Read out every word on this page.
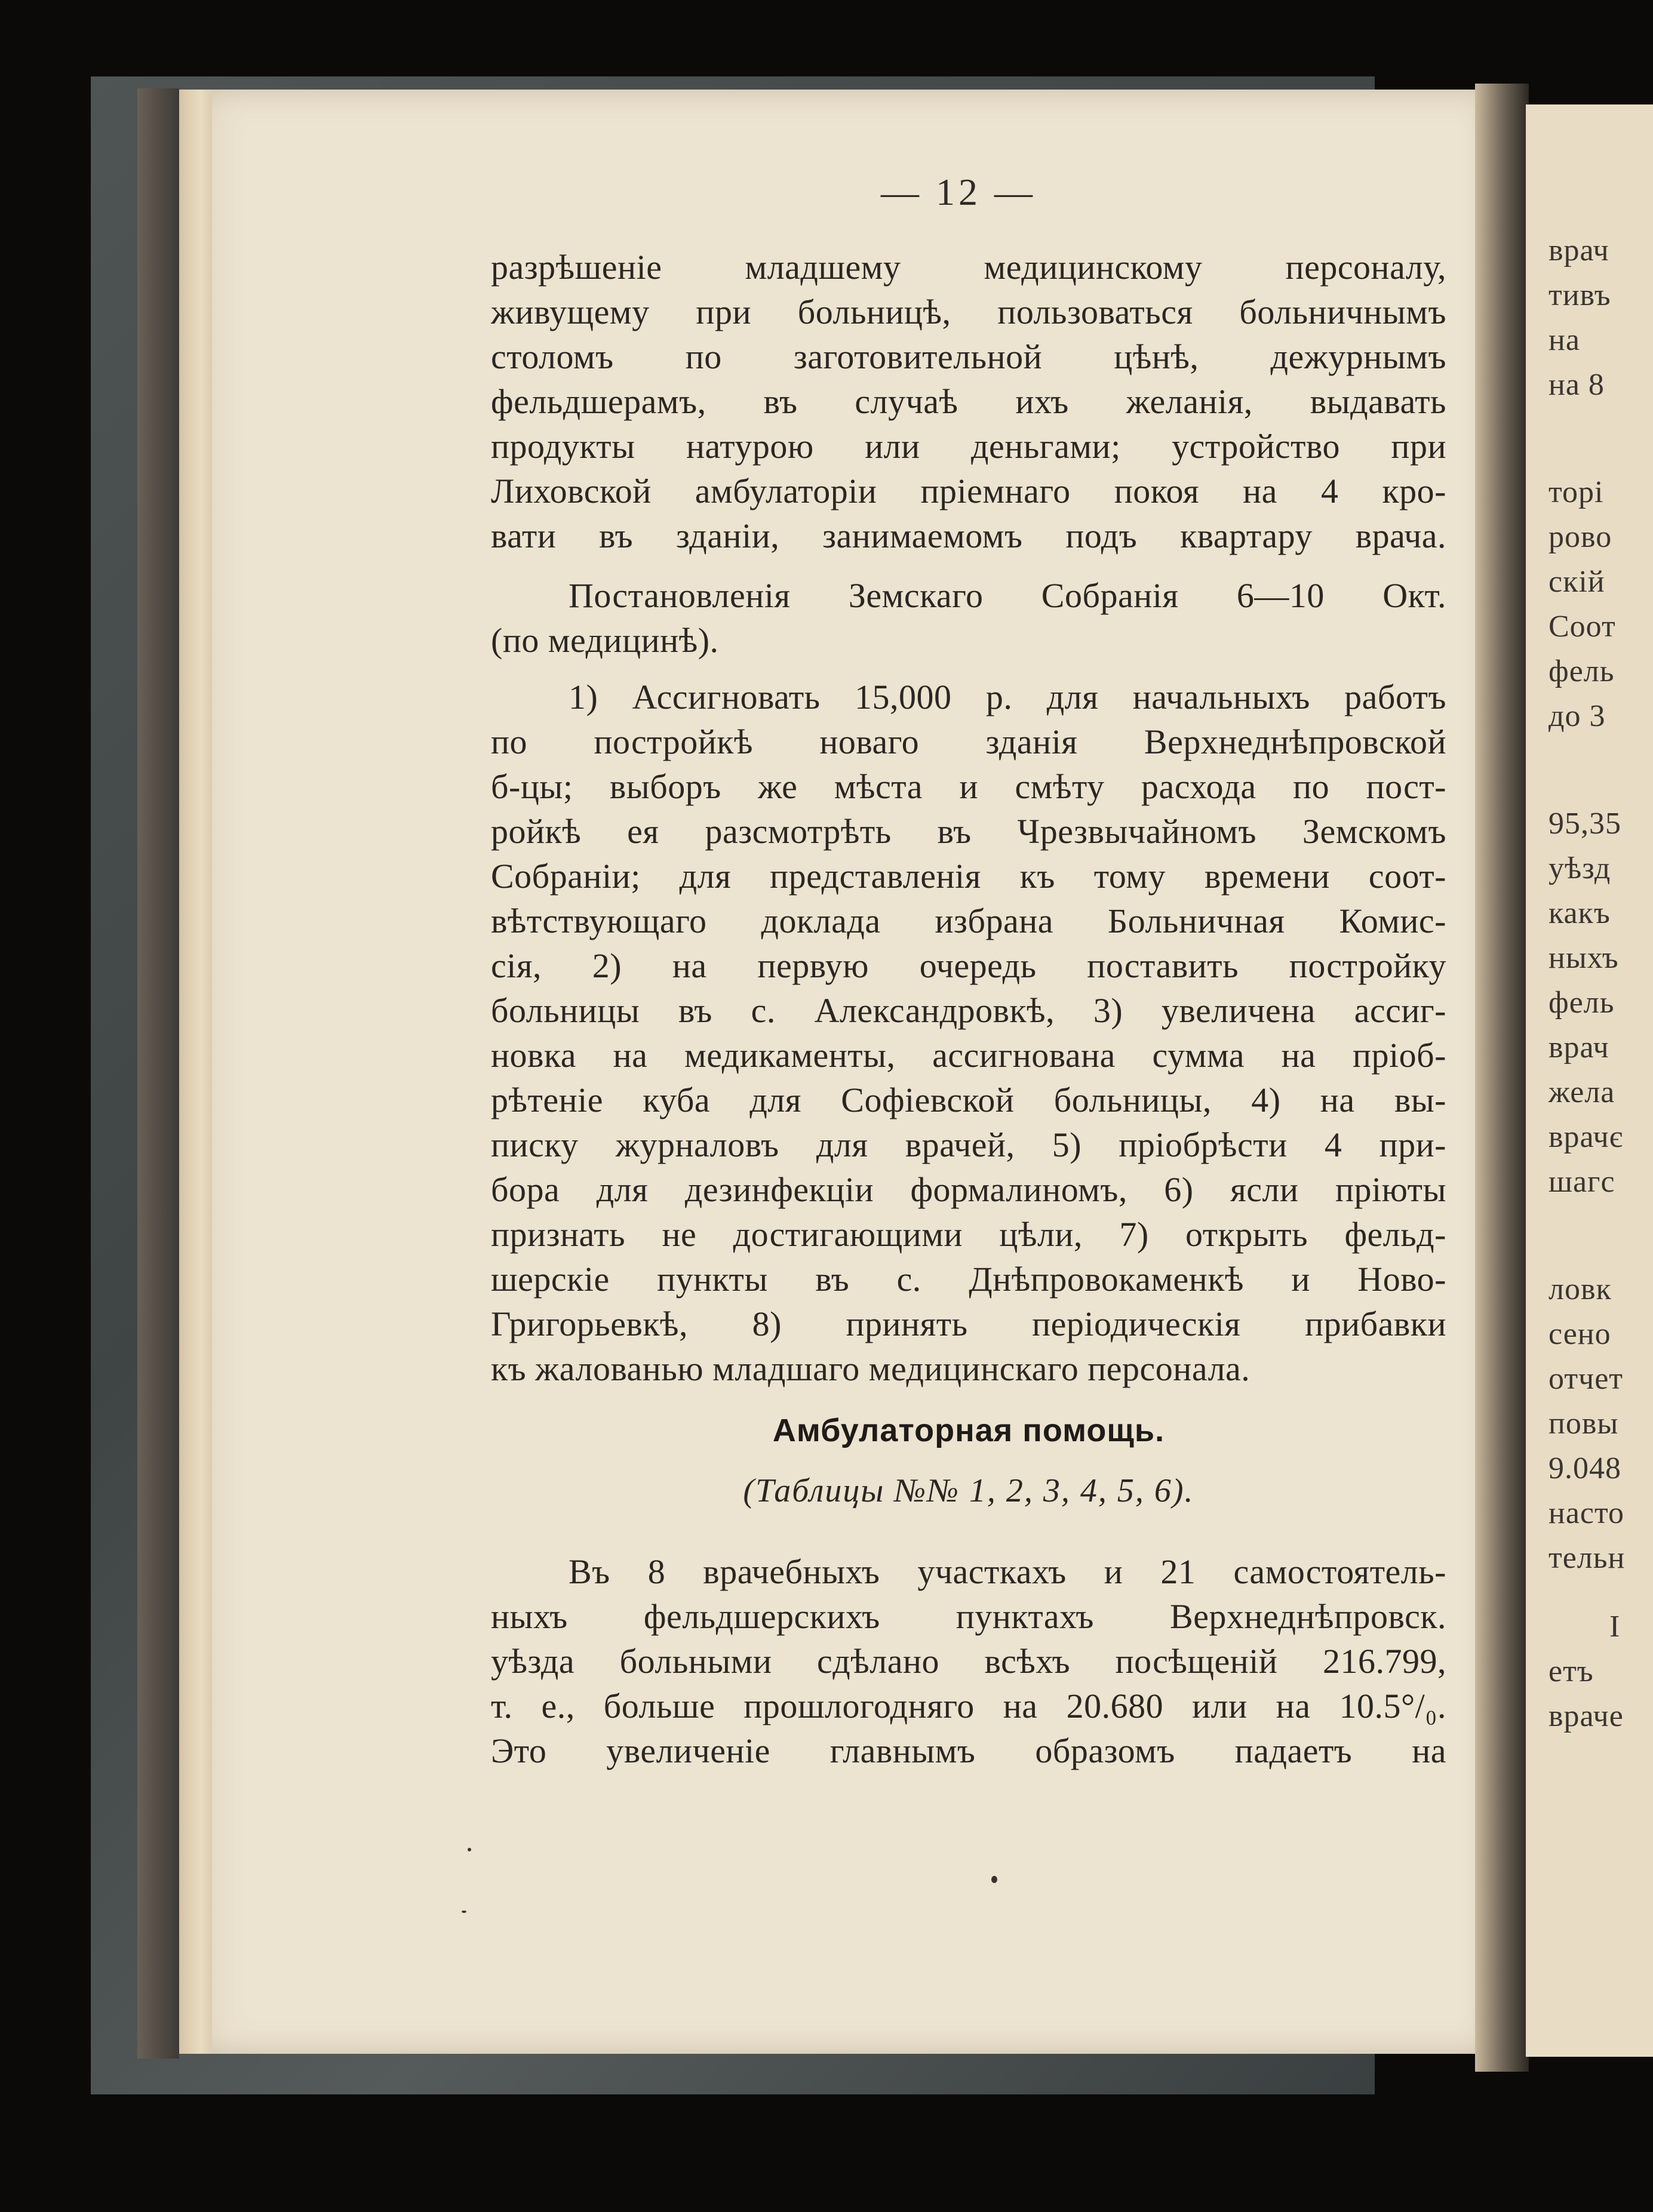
врач
тивъ
на
на 8
торі
рово
скій
Соот
фель
до 3
95,35
уѣзд
какъ
ныхъ
фель
врач
жела
врачє
шагс
ловк
сено
отчет
повы
9.048
насто
тельн
І
етъ
враче
— 12 —
разрѣшеніе младшему медицинскому персоналу,
живущему при больницѣ, пользоваться больничнымъ
столомъ по заготовительной цѣнѣ, дежурнымъ
фельдшерамъ, въ случаѣ ихъ желанія, выдавать
продукты натурою или деньгами; устройство при
Лиховской амбулаторіи пріемнаго покоя на 4 кро-
вати въ зданіи, занимаемомъ подъ квартару врача.
Постановленія Земскаго Собранія 6—10 Окт.
(по медицинѣ).
1) Ассигновать 15,000 р. для начальныхъ работъ
по постройкѣ новаго зданія Верхнеднѣпровской
б-цы; выборъ же мѣста и смѣту расхода по пост-
ройкѣ ея разсмотрѣть въ Чрезвычайномъ Земскомъ
Собраніи; для представленія къ тому времени соот-
вѣтствующаго доклада избрана Больничная Комис-
сія, 2) на первую очередь поставить постройку
больницы въ с. Александровкѣ, 3) увеличена ассиг-
новка на медикаменты, ассигнована сумма на пріоб-
рѣтеніе куба для Софіевской больницы, 4) на вы-
писку журналовъ для врачей, 5) пріобрѣсти 4 при-
бора для дезинфекціи формалиномъ, 6) ясли пріюты
признать не достигающими цѣли, 7) открыть фельд-
шерскіе пункты въ с. Днѣпровокаменкѣ и Ново-
Григорьевкѣ, 8) принять періодическія прибавки
къ жалованью младшаго медицинскаго персонала.
Амбулаторная помощь.
(Таблицы №№ 1, 2, 3, 4, 5, 6).
Въ 8 врачебныхъ участкахъ и 21 самостоятель-
ныхъ фельдшерскихъ пунктахъ Верхнеднѣпровск.
уѣзда больными сдѣлано всѣхъ посѣщеній 216.799,
т. е., больше прошлогодняго на 20.680 или на 10.5°/₀.
Это увеличеніе главнымъ образомъ падаетъ на
